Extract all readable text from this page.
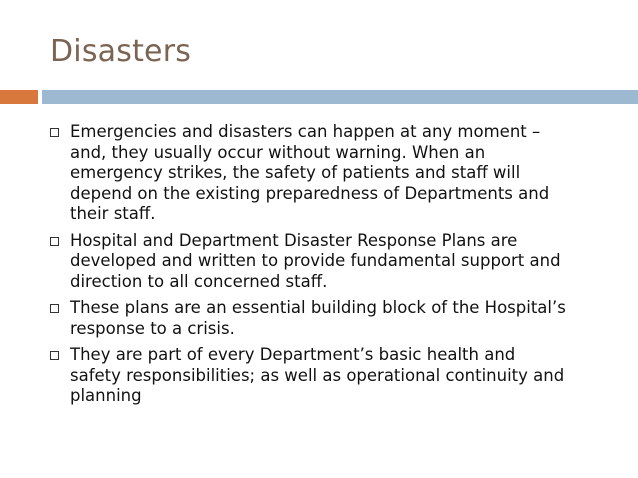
Disasters
Emergencies and disasters can happen at any moment –
and, they usually occur without warning. When an
emergency strikes, the safety of patients and staff will
depend on the existing preparedness of Departments and
their staff.
Hospital and Department Disaster Response Plans are
developed and written to provide fundamental support and
direction to all concerned staff.
These plans are an essential building block of the Hospital’s
response to a crisis.
They are part of every Department’s basic health and
safety responsibilities; as well as operational continuity and
planning
